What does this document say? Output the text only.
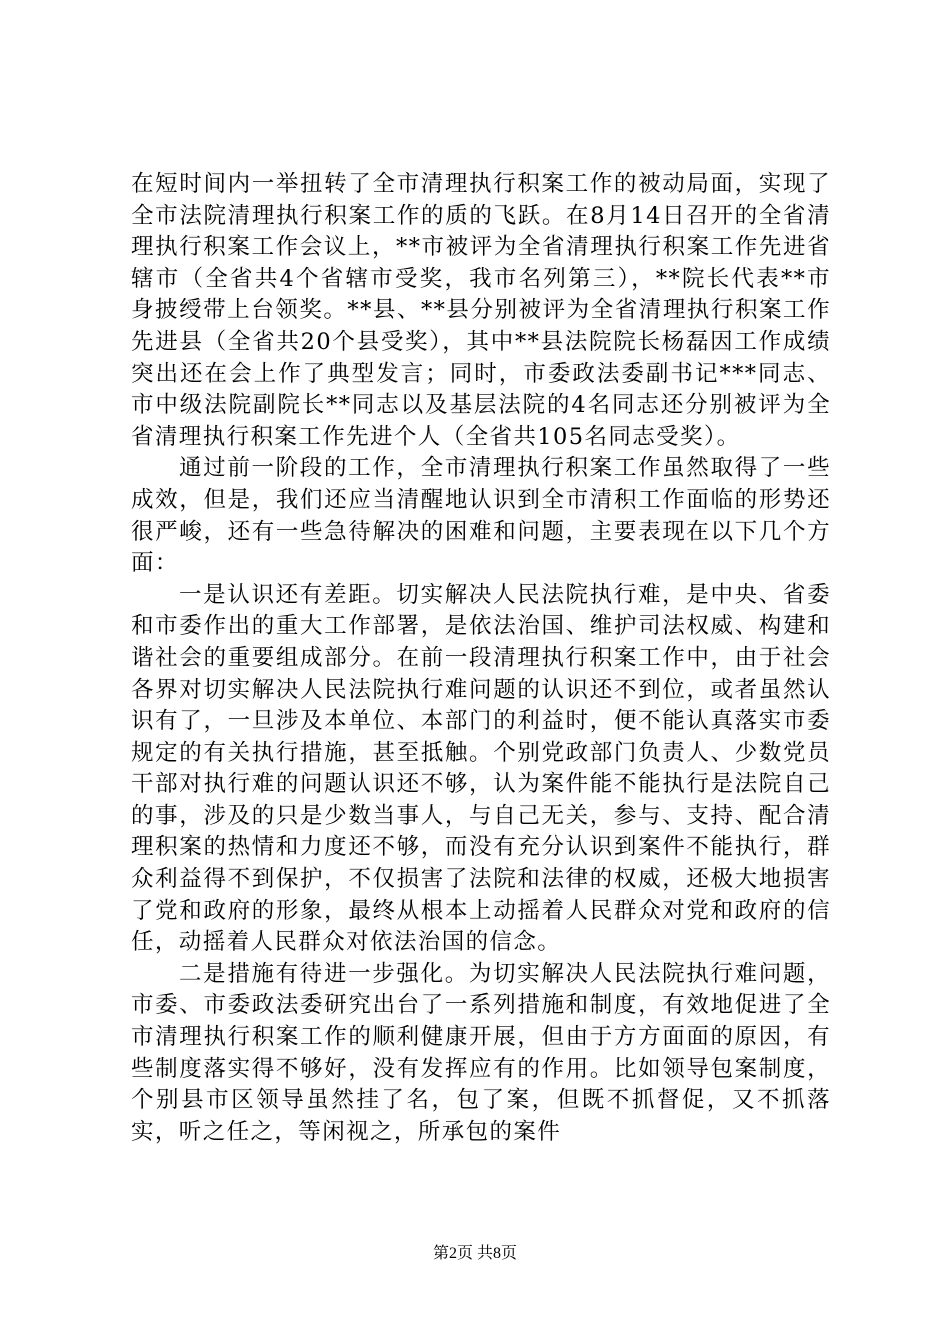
在短时间内一举扭转了全市清理执行积案工作的被动局面，实现了全市法院清理执行积案工作的质的飞跃。在8月14日召开的全省清理执行积案工作会议上，**市被评为全省清理执行积案工作先进省辖市（全省共4个省辖市受奖，我市名列第三），**院长代表**市身披绶带上台领奖。**县、**县分别被评为全省清理执行积案工作先进县（全省共20个县受奖），其中**县法院院长杨磊因工作成绩突出还在会上作了典型发言；同时，市委政法委副书记***同志、市中级法院副院长**同志以及基层法院的4名同志还分别被评为全省清理执行积案工作先进个人（全省共105名同志受奖）。

通过前一阶段的工作，全市清理执行积案工作虽然取得了一些成效，但是，我们还应当清醒地认识到全市清积工作面临的形势还很严峻，还有一些急待解决的困难和问题，主要表现在以下几个方面：

一是认识还有差距。切实解决人民法院执行难，是中央、省委和市委作出的重大工作部署，是依法治国、维护司法权威、构建和谐社会的重要组成部分。在前一段清理执行积案工作中，由于社会各界对切实解决人民法院执行难问题的认识还不到位，或者虽然认识有了，一旦涉及本单位、本部门的利益时，便不能认真落实市委规定的有关执行措施，甚至抵触。个别党政部门负责人、少数党员干部对执行难的问题认识还不够，认为案件能不能执行是法院自己的事，涉及的只是少数当事人，与自己无关，参与、支持、配合清理积案的热情和力度还不够，而没有充分认识到案件不能执行，群众利益得不到保护，不仅损害了法院和法律的权威，还极大地损害了党和政府的形象，最终从根本上动摇着人民群众对党和政府的信任，动摇着人民群众对依法治国的信念。

二是措施有待进一步强化。为切实解决人民法院执行难问题，市委、市委政法委研究出台了一系列措施和制度，有效地促进了全市清理执行积案工作的顺利健康开展，但由于方方面面的原因，有些制度落实得不够好，没有发挥应有的作用。比如领导包案制度，个别县市区领导虽然挂了名，包了案，但既不抓督促，又不抓落实，听之任之，等闲视之，所承包的案件

第2页 共8页
